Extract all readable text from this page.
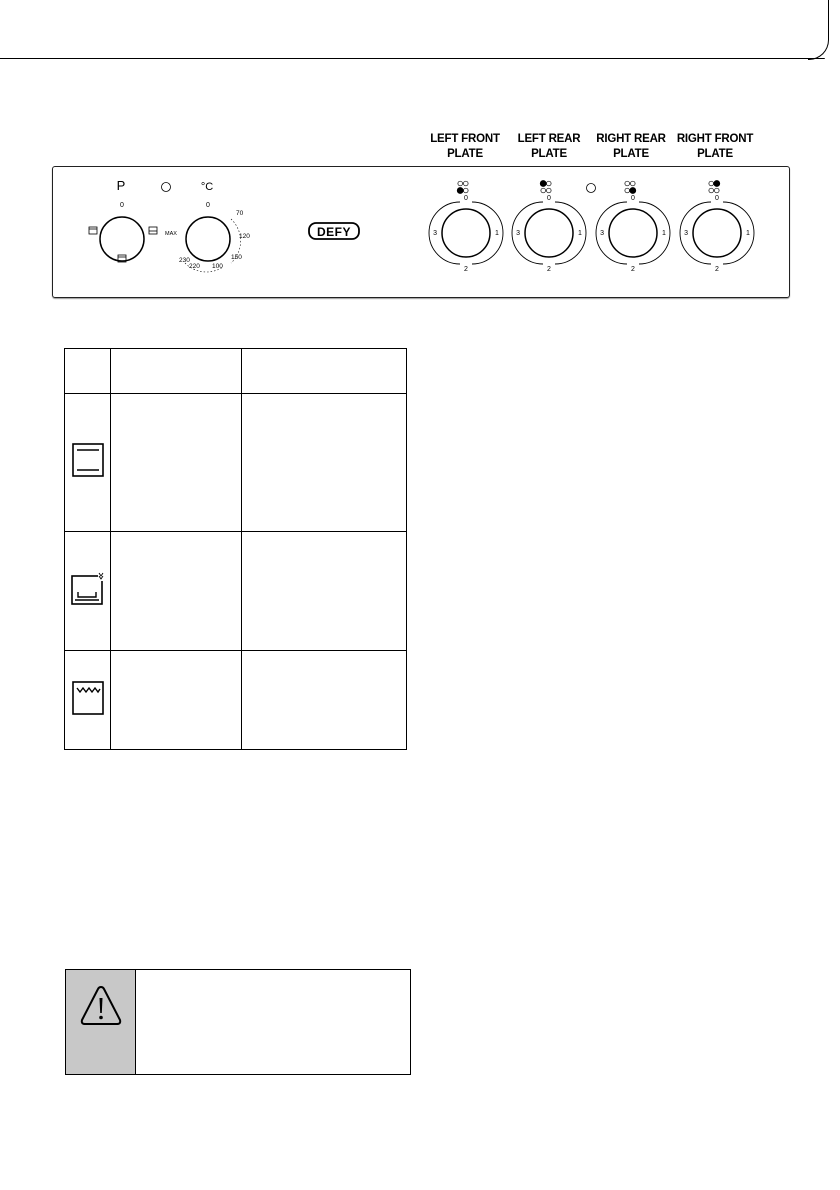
LEFT FRONT
PLATE
LEFT REAR
PLATE
RIGHT REAR
PLATE
RIGHT FRONT
PLATE
P
0
°C
0
MAX
70
120
150
100
220
230
DEFY
0
3	1
2
0
3	1
2
0
3	1
2
0
3	1
2
